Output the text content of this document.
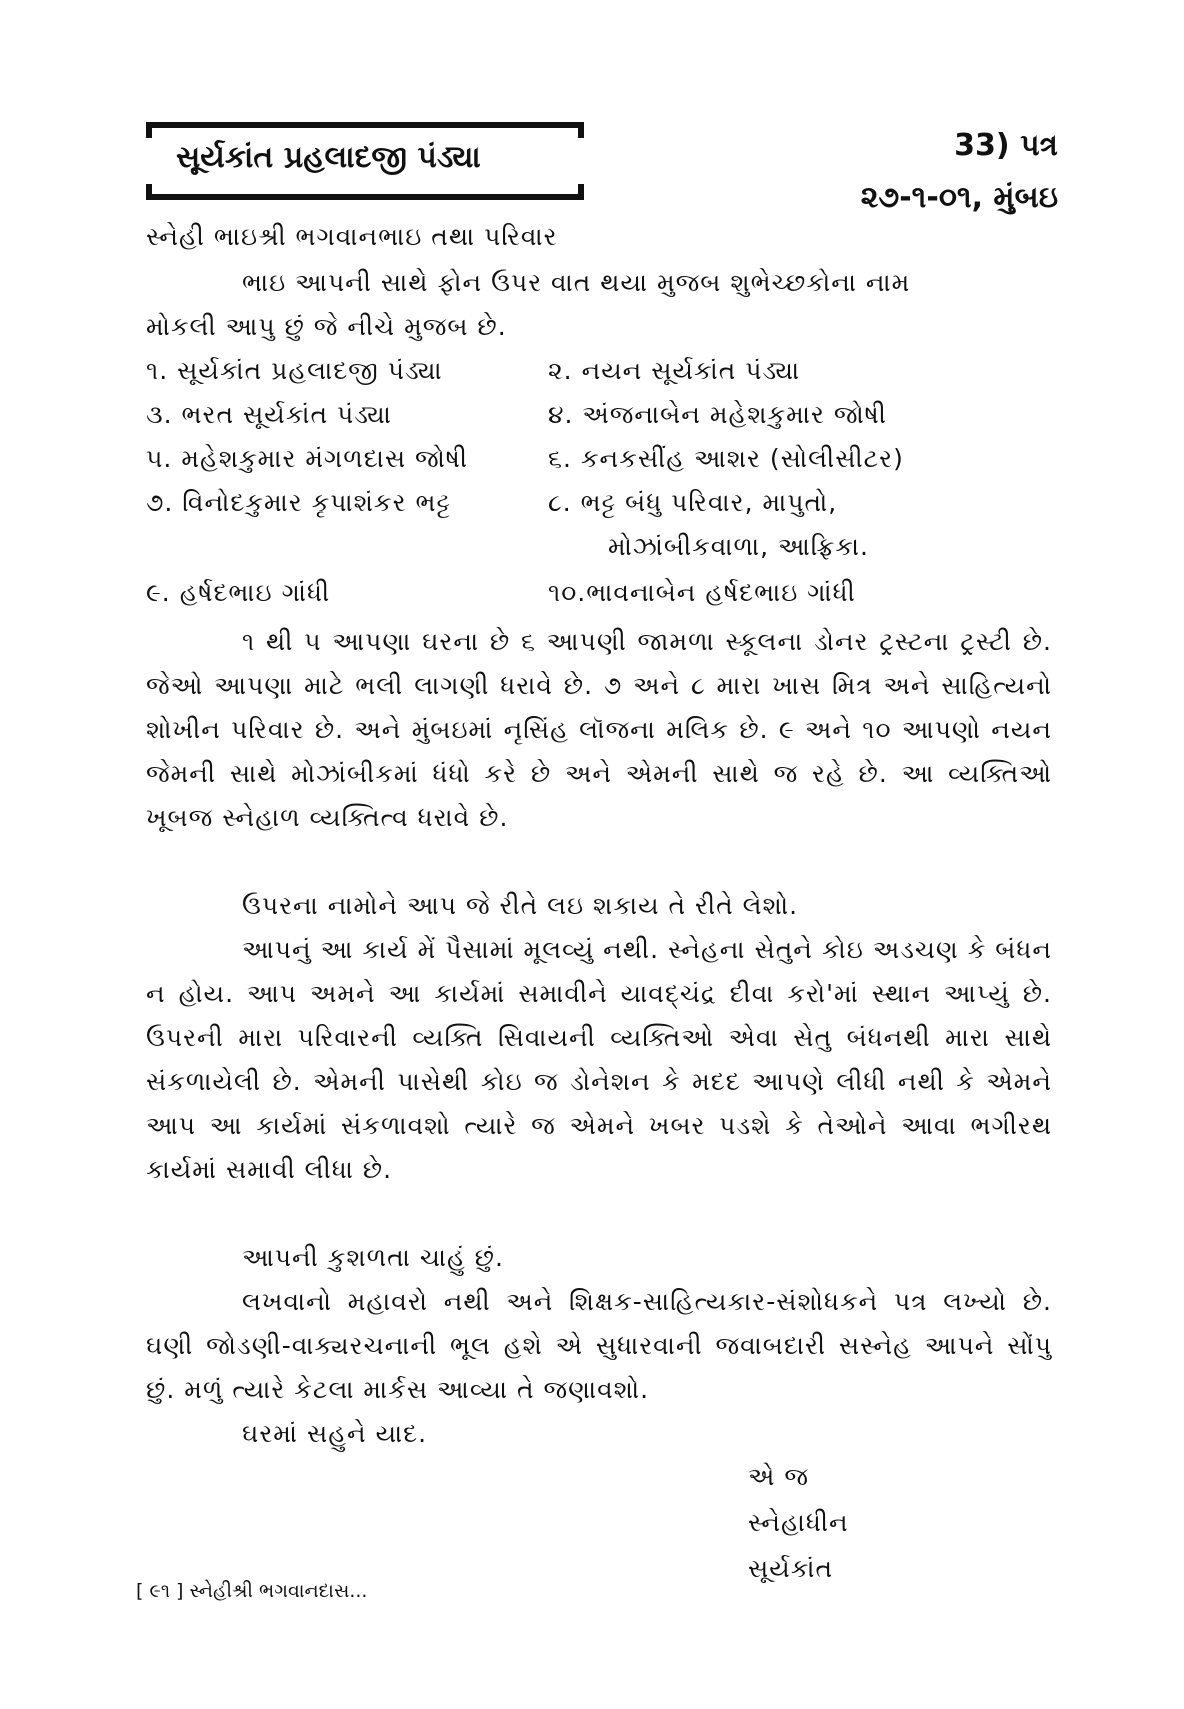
સૂર્યકાંત પ્રહલાદજી પંડ્યા	33) પત્ર
૨૭-૧-૦૧, મુંબઇ
સ્નેહી ભાઇશ્રી ભગવાનભાઇ તથા પરિવાર
ભાઇ આપની સાથે ફોન ઉપર વાત થયા મુજબ શુભેચ્છકોના નામ
મોકલી આપુ છું જે નીચે મુજબ છે.
૧. સૂર્યકાંત પ્રહલાદજી પંડ્યા	૨. નયન સૂર્યકાંત પંડ્યા
૩. ભરત સૂર્યકાંત પંડ્યા	૪. અંજનાબેન મહેશકુમાર જોષી
૫. મહેશકુમાર મંગળદાસ જોષી	૬. કનકસીંહ આશર (સોલીસીટર)
૭. વિનોદકુમાર કૃપાશંકર ભટ્ટ	૮. ભટ્ટ બંધુ પરિવાર, માપુતો,
મોઝાંબીકવાળા, આફ્રિકા.
૯. હર્ષદભાઇ ગાંધી	૧૦.ભાવનાબેન હર્ષદભાઇ ગાંધી
૧ થી ૫ આપણા ઘરના છે ૬ આપણી જામળા સ્કૂલના ડોનર ટ્રસ્ટના ટ્રસ્ટી છે. જેઓ આપણા માટે ભલી લાગણી ધરાવે છે. ૭ અને ૮ મારા ખાસ મિત્ર અને સાહિત્યનો શોખીન પરિવાર છે. અને મુંબઇમાં નૃસિંહ લૉજના મલિક છે. ૯ અને ૧૦ આપણો નયન જેમની સાથે મોઝાંબીકમાં ધંધો કરે છે અને એમની સાથે જ રહે છે. આ વ્યક્તિઓ ખૂબજ સ્નેહાળ વ્યક્તિત્વ ધરાવે છે.
ઉપરના નામોને આપ જે રીતે લઇ શકાય તે રીતે લેશો.
આપનું આ કાર્ય મેં પૈસામાં મૂલવ્યું નથી. સ્નેહના સેતુને કોઇ અડચણ કે બંધન ન હોય. આપ અમને આ કાર્યમાં સમાવીને યાવદ્ચંદ્ર દીવા કરો'માં સ્થાન આપ્યું છે. ઉપરની મારા પરિવારની વ્યક્તિ સિવાયની વ્યક્તિઓ એવા સેતુ બંધનથી મારા સાથે સંકળાયેલી છે. એમની પાસેથી કોઇ જ ડોનેશન કે મદદ આપણે લીધી નથી કે એમને આપ આ કાર્યમાં સંકળાવશો ત્યારે જ એમને ખબર પડશે કે તેઓને આવા ભગીરથ કાર્યમાં સમાવી લીધા છે.
આપની કુશળતા ચાહું છું.
લખવાનો મહાવરો નથી અને શિક્ષક-સાહિત્યકાર-સંશોધકને પત્ર લખ્યો છે. ઘણી જોડણી-વાક્યરચનાની ભૂલ હશે એ સુધારવાની જવાબદારી સસ્નેહ આપને સોંપુ છું. મળું ત્યારે કેટલા માર્કસ આવ્યા તે જણાવશો.
ઘરમાં સહુને યાદ.
એ જ
સ્નેહાધીન
સૂર્યકાંત
[ ૯૧ ] સ્નેહીશ્રી ભગવાનદાસ...
